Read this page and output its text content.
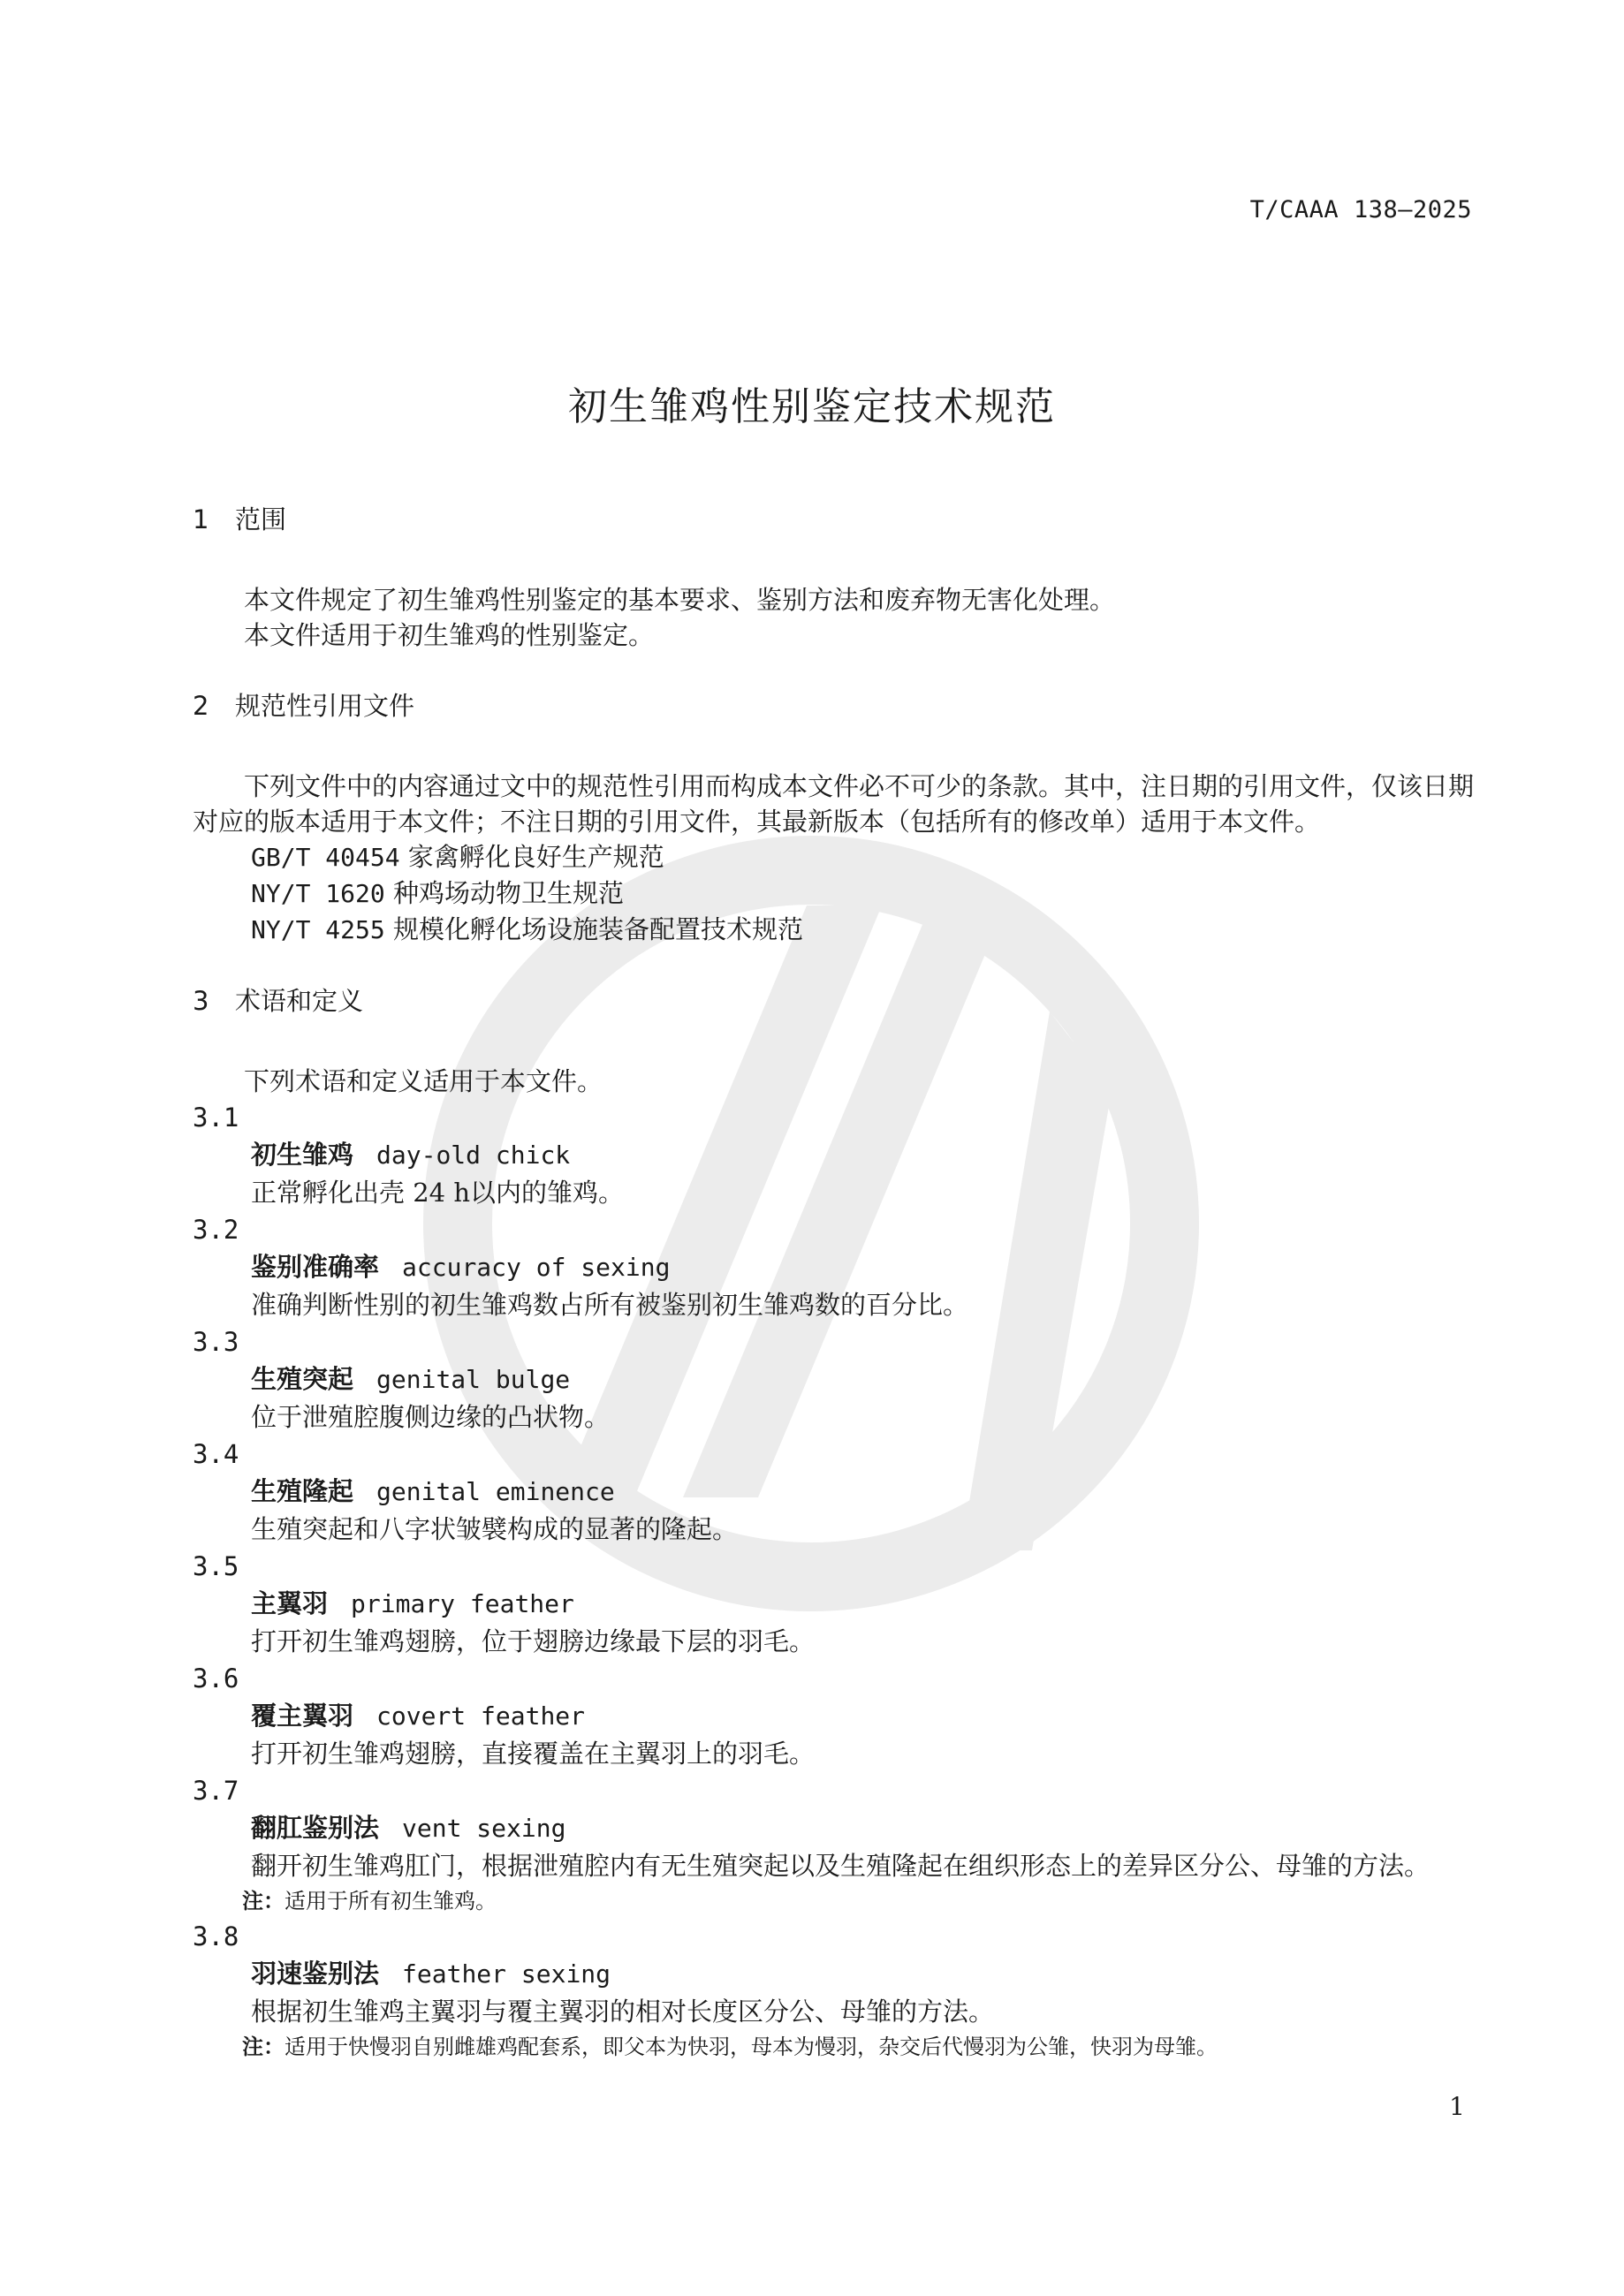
T/CAAA 138—2025
初生雏鸡性别鉴定技术规范
1 范围

本文件规定了初生雏鸡性别鉴定的基本要求、鉴别方法和废弃物无害化处理。

本文件适用于初生雏鸡的性别鉴定。

2 规范性引用文件

下列文件中的内容通过文中的规范性引用而构成本文件必不可少的条款。其中，注日期的引用文件，仅该日期对应的版本适用于本文件；不注日期的引用文件，其最新版本（包括所有的修改单）适用于本文件。

GB/T 40454 家禽孵化良好生产规范
NY/T 1620 种鸡场动物卫生规范
NY/T 4255 规模化孵化场设施装备配置技术规范
3 术语和定义

下列术语和定义适用于本文件。

3.1
初生雏鸡 day-old chick
正常孵化出壳 24 h以内的雏鸡。
3.2
鉴别准确率 accuracy of sexing
准确判断性别的初生雏鸡数占所有被鉴别初生雏鸡数的百分比。
3.3
生殖突起 genital bulge
位于泄殖腔腹侧边缘的凸状物。
3.4
生殖隆起 genital eminence
生殖突起和八字状皱襞构成的显著的隆起。
3.5
主翼羽 primary feather
打开初生雏鸡翅膀，位于翅膀边缘最下层的羽毛。
3.6
覆主翼羽 covert feather
打开初生雏鸡翅膀，直接覆盖在主翼羽上的羽毛。
3.7
翻肛鉴别法 vent sexing

翻开初生雏鸡肛门，根据泄殖腔内有无生殖突起以及生殖隆起在组织形态上的差异区分公、母雏的方法。

注：适用于所有初生雏鸡。
3.8
羽速鉴别法 feather sexing
根据初生雏鸡主翼羽与覆主翼羽的相对长度区分公、母雏的方法。
注：适用于快慢羽自别雌雄鸡配套系，即父本为快羽，母本为慢羽，杂交后代慢羽为公雏，快羽为母雏。
1
